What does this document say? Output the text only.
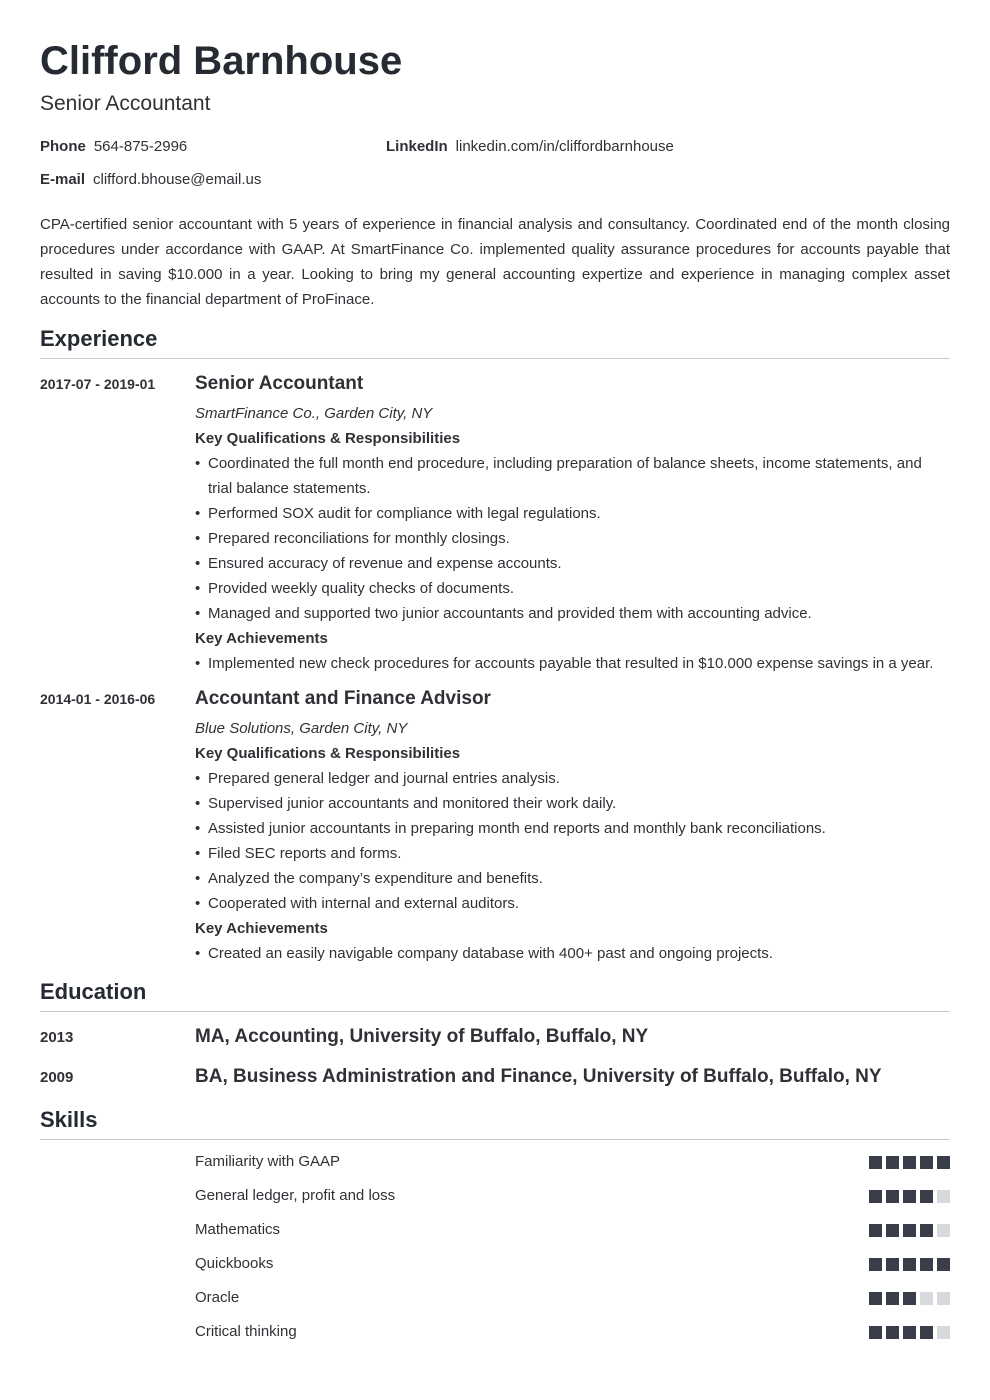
Clifford Barnhouse
Senior Accountant
Phone 564-875-2996	LinkedIn linkedin.com/in/cliffordbarnhouse
E-mail clifford.bhouse@email.us
CPA-certified senior accountant with 5 years of experience in financial analysis and consultancy. Coordinated end of the month closing procedures under accordance with GAAP. At SmartFinance Co. implemented quality assurance procedures for accounts payable that resulted in saving $10.000 in a year. Looking to bring my general accounting expertize and experience in managing complex asset accounts to the financial department of ProFinace.
Experience
2017-07 - 2019-01 Senior Accountant
SmartFinance Co., Garden City, NY
Key Qualifications & Responsibilities
• Coordinated the full month end procedure, including preparation of balance sheets, income statements, and trial balance statements.
• Performed SOX audit for compliance with legal regulations.
• Prepared reconciliations for monthly closings.
• Ensured accuracy of revenue and expense accounts.
• Provided weekly quality checks of documents.
• Managed and supported two junior accountants and provided them with accounting advice.
Key Achievements
• Implemented new check procedures for accounts payable that resulted in $10.000 expense savings in a year.
2014-01 - 2016-06 Accountant and Finance Advisor
Blue Solutions, Garden City, NY
Key Qualifications & Responsibilities
• Prepared general ledger and journal entries analysis.
• Supervised junior accountants and monitored their work daily.
• Assisted junior accountants in preparing month end reports and monthly bank reconciliations.
• Filed SEC reports and forms.
• Analyzed the company’s expenditure and benefits.
• Cooperated with internal and external auditors.
Key Achievements
• Created an easily navigable company database with 400+ past and ongoing projects.
Education
2013	MA, Accounting, University of Buffalo, Buffalo, NY
2009	BA, Business Administration and Finance, University of Buffalo, Buffalo, NY
Skills
Familiarity with GAAP
General ledger, profit and loss
Mathematics
Quickbooks
Oracle
Critical thinking
